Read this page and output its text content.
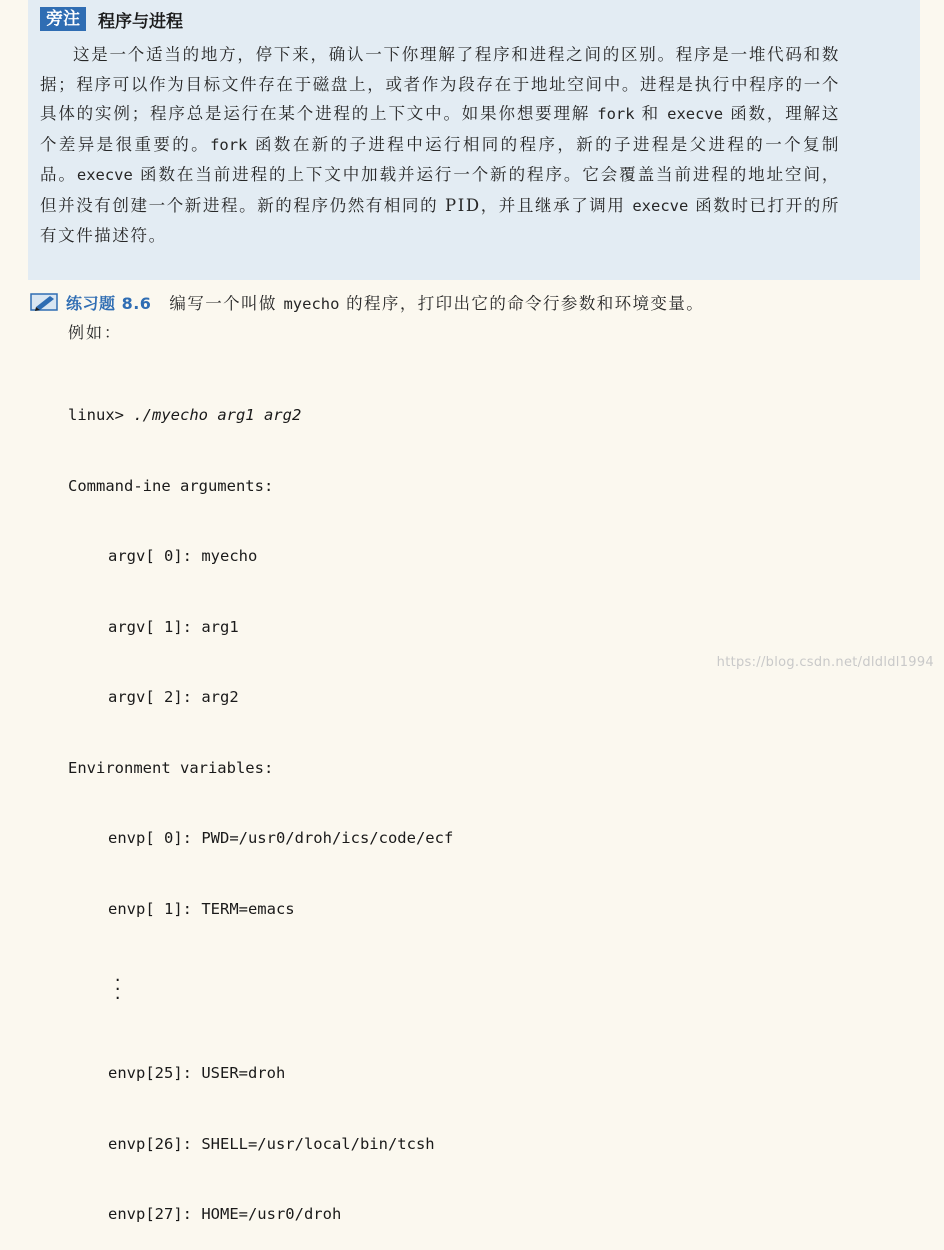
旁注	程序与进程
这是一个适当的地方，停下来，确认一下你理解了程序和进程之间的区别。程序是一堆代码和数据；程序可以作为目标文件存在于磁盘上，或者作为段存在于地址空间中。进程是执行中程序的一个具体的实例；程序总是运行在某个进程的上下文中。如果你想要理解 fork 和 execve 函数，理解这个差异是很重要的。fork 函数在新的子进程中运行相同的程序，新的子进程是父进程的一个复制品。execve 函数在当前进程的上下文中加载并运行一个新的程序。它会覆盖当前进程的地址空间，但并没有创建一个新进程。新的程序仍然有相同的 PID，并且继承了调用 execve 函数时已打开的所有文件描述符。
练习题 8.6 编写一个叫做 myecho 的程序，打印出它的命令行参数和环境变量。
例如：

linux> ./myecho arg1 arg2

Command-ine arguments:

argv[ 0]: myecho

argv[ 1]: arg1

argv[ 2]: arg2

Environment variables:

envp[ 0]: PWD=/usr0/droh/ics/code/ecf

envp[ 1]: TERM=emacs

.
.
.

envp[25]: USER=droh

envp[26]: SHELL=/usr/local/bin/tcsh

envp[27]: HOME=/usr0/droh

https://blog.csdn.net/dldldl1994
